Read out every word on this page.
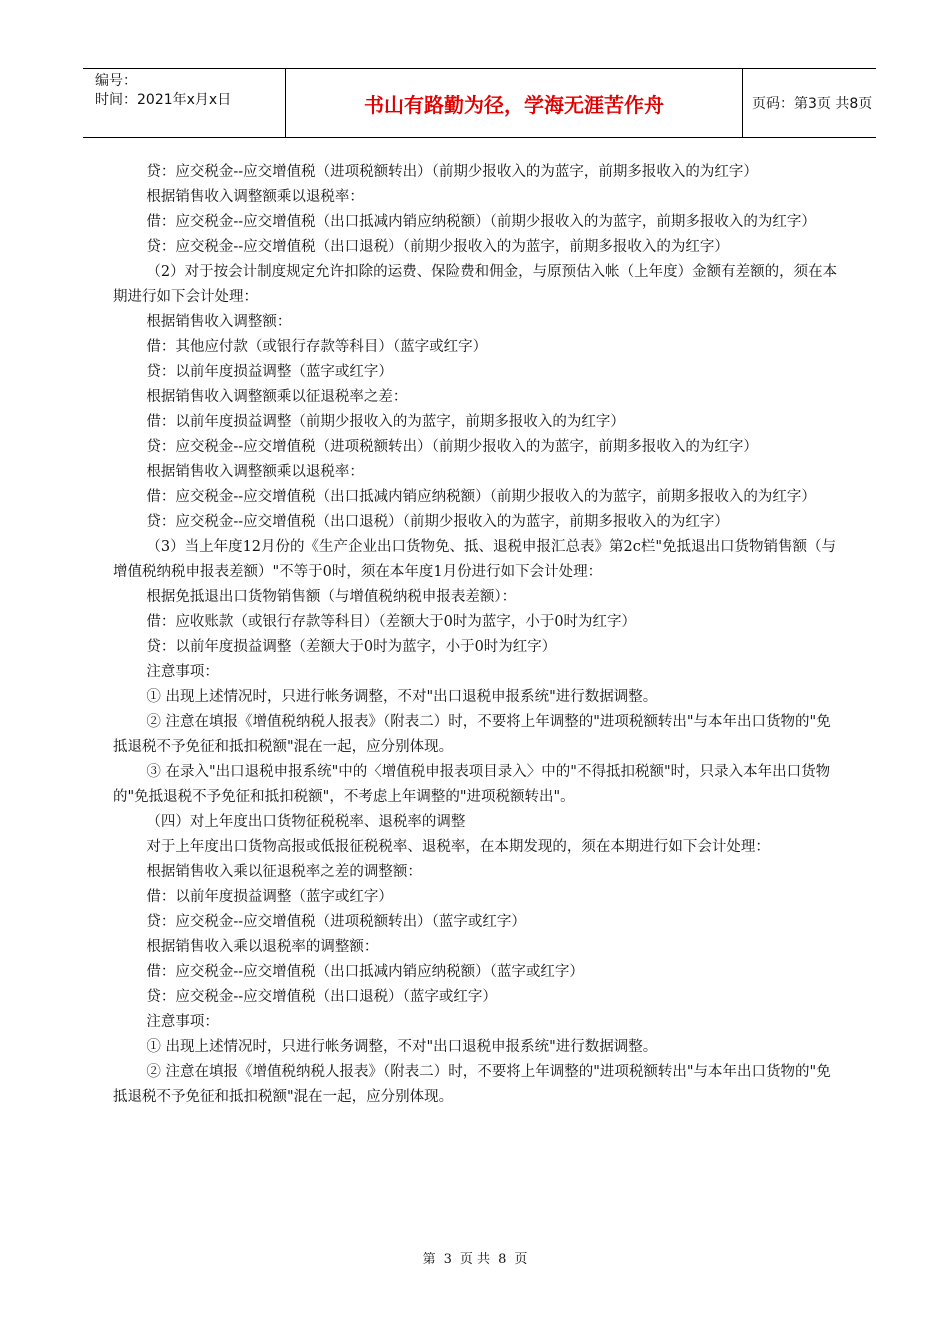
编号：
时间：2021年x月x日	书山有路勤为径，学海无涯苦作舟	页码：第3页 共8页

贷：应交税金--应交增值税（进项税额转出）（前期少报收入的为蓝字，前期多报收入的为红字）

根据销售收入调整额乘以退税率：

借：应交税金--应交增值税（出口抵减内销应纳税额）（前期少报收入的为蓝字，前期多报收入的为红字）

贷：应交税金--应交增值税（出口退税）（前期少报收入的为蓝字，前期多报收入的为红字）

（2）对于按会计制度规定允许扣除的运费、保险费和佣金，与原预估入帐（上年度）金额有差额的，须在本期进行如下会计处理：

根据销售收入调整额：

借：其他应付款（或银行存款等科目）（蓝字或红字）

贷：以前年度损益调整（蓝字或红字）

根据销售收入调整额乘以征退税率之差：

借：以前年度损益调整（前期少报收入的为蓝字，前期多报收入的为红字）

贷：应交税金--应交增值税（进项税额转出）（前期少报收入的为蓝字，前期多报收入的为红字）

根据销售收入调整额乘以退税率：

借：应交税金--应交增值税（出口抵减内销应纳税额）（前期少报收入的为蓝字，前期多报收入的为红字）

贷：应交税金--应交增值税（出口退税）（前期少报收入的为蓝字，前期多报收入的为红字）

（3）当上年度12月份的《生产企业出口货物免、抵、退税申报汇总表》第2c栏"免抵退出口货物销售额（与增值税纳税申报表差额）"不等于0时，须在本年度1月份进行如下会计处理：

根据免抵退出口货物销售额（与增值税纳税申报表差额）：

借：应收账款（或银行存款等科目）（差额大于0时为蓝字，小于0时为红字）

贷：以前年度损益调整（差额大于0时为蓝字，小于0时为红字）

注意事项：

① 出现上述情况时，只进行帐务调整，不对"出口退税申报系统"进行数据调整。

② 注意在填报《增值税纳税人报表》（附表二）时，不要将上年调整的"进项税额转出"与本年出口货物的"免抵退税不予免征和抵扣税额"混在一起，应分别体现。

③ 在录入"出口退税申报系统"中的〈增值税申报表项目录入〉中的"不得抵扣税额"时，只录入本年出口货物的"免抵退税不予免征和抵扣税额"，不考虑上年调整的"进项税额转出"。

（四）对上年度出口货物征税税率、退税率的调整

对于上年度出口货物高报或低报征税税率、退税率，在本期发现的，须在本期进行如下会计处理：

根据销售收入乘以征退税率之差的调整额：

借：以前年度损益调整（蓝字或红字）

贷：应交税金--应交增值税（进项税额转出）（蓝字或红字）

根据销售收入乘以退税率的调整额：

借：应交税金--应交增值税（出口抵减内销应纳税额）（蓝字或红字）

贷：应交税金--应交增值税（出口退税）（蓝字或红字）

注意事项：

① 出现上述情况时，只进行帐务调整，不对"出口退税申报系统"进行数据调整。

② 注意在填报《增值税纳税人报表》（附表二）时，不要将上年调整的"进项税额转出"与本年出口货物的"免抵退税不予免征和抵扣税额"混在一起，应分别体现。

第 3 页 共 8 页
